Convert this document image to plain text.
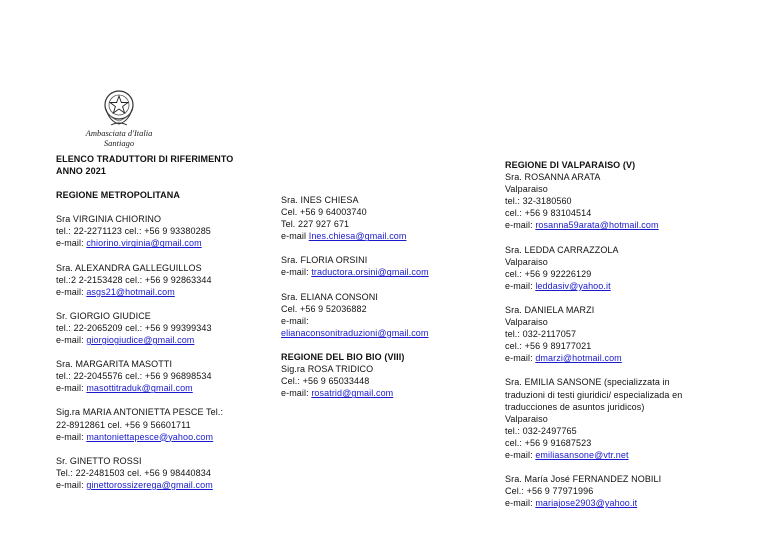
Ambasciata d'Italia

Santiago

ELENCO TRADUTTORI DI RIFERIMENTO

ANNO 2021

REGIONE METROPOLITANA

Sra VIRGINIA CHIORINO

tel.: 22-2271123 cel.: +56 9 93380285

e-mail: chiorino.virginia@gmail.com

Sra. ALEXANDRA GALLEGUILLOS

tel.:2 2-2153428 cel.: +56 9 92863344

e-mail: asgs21@hotmail.com

Sr. GIORGIO GIUDICE

tel.: 22-2065209 cel.: +56 9 99399343

e-mail: giorgiogiudice@gmail.com

Sra. MARGARITA MASOTTI

tel.: 22-2045576 cel.: +56 9 96898534

e-mail: masottitraduk@gmail.com

Sig.ra MARIA ANTONIETTA PESCE Tel.:

22-8912861 cel. +56 9 56601711

e-mail: mantoniettapesce@yahoo.com

Sr. GINETTO ROSSI

Tel.: 22-2481503 cel. +56 9 98440834

e-mail: ginettorossizerega@gmail.com

Sra. INES CHIESA

Cel. +56 9 64003740

Tel. 227 927 671

e-mail Ines.chiesa@gmail.com

Sra. FLORIA ORSINI

e-mail: traductora.orsini@gmail.com

Sra. ELIANA CONSONI

Cel. +56 9 52036882

e-mail:

elianaconsonitraduzioni@gmail.com

REGIONE DEL BIO BIO (VIII)

Sig.ra ROSA TRIDICO

Cel.: +56 9 65033448

e-mail: rosatrid@gmail.com

REGIONE DI VALPARAISO (V)

Sra. ROSANNA ARATA

Valparaiso

tel.: 32-3180560

cel.: +56 9 83104514

e-mail: rosanna59arata@hotmail.com

Sra. LEDDA CARRAZZOLA

Valparaiso

cel.: +56 9 92226129

e-mail: leddasiv@yahoo.it

Sra. DANIELA MARZI

Valparaiso

tel.: 032-2117057

cel.: +56 9 89177021

e-mail: dmarzi@hotmail.com

Sra. EMILIA SANSONE (specializzata in

traduzioni di testi giuridici/ especializada en

traducciones de asuntos juridicos)

Valparaiso

tel.: 032-2497765

cel.: +56 9 91687523

e-mail: emiliasansone@vtr.net

Sra. María José FERNANDEZ NOBILI

Cel.: +56 9 77971996

e-mail: mariajose2903@yahoo.it
